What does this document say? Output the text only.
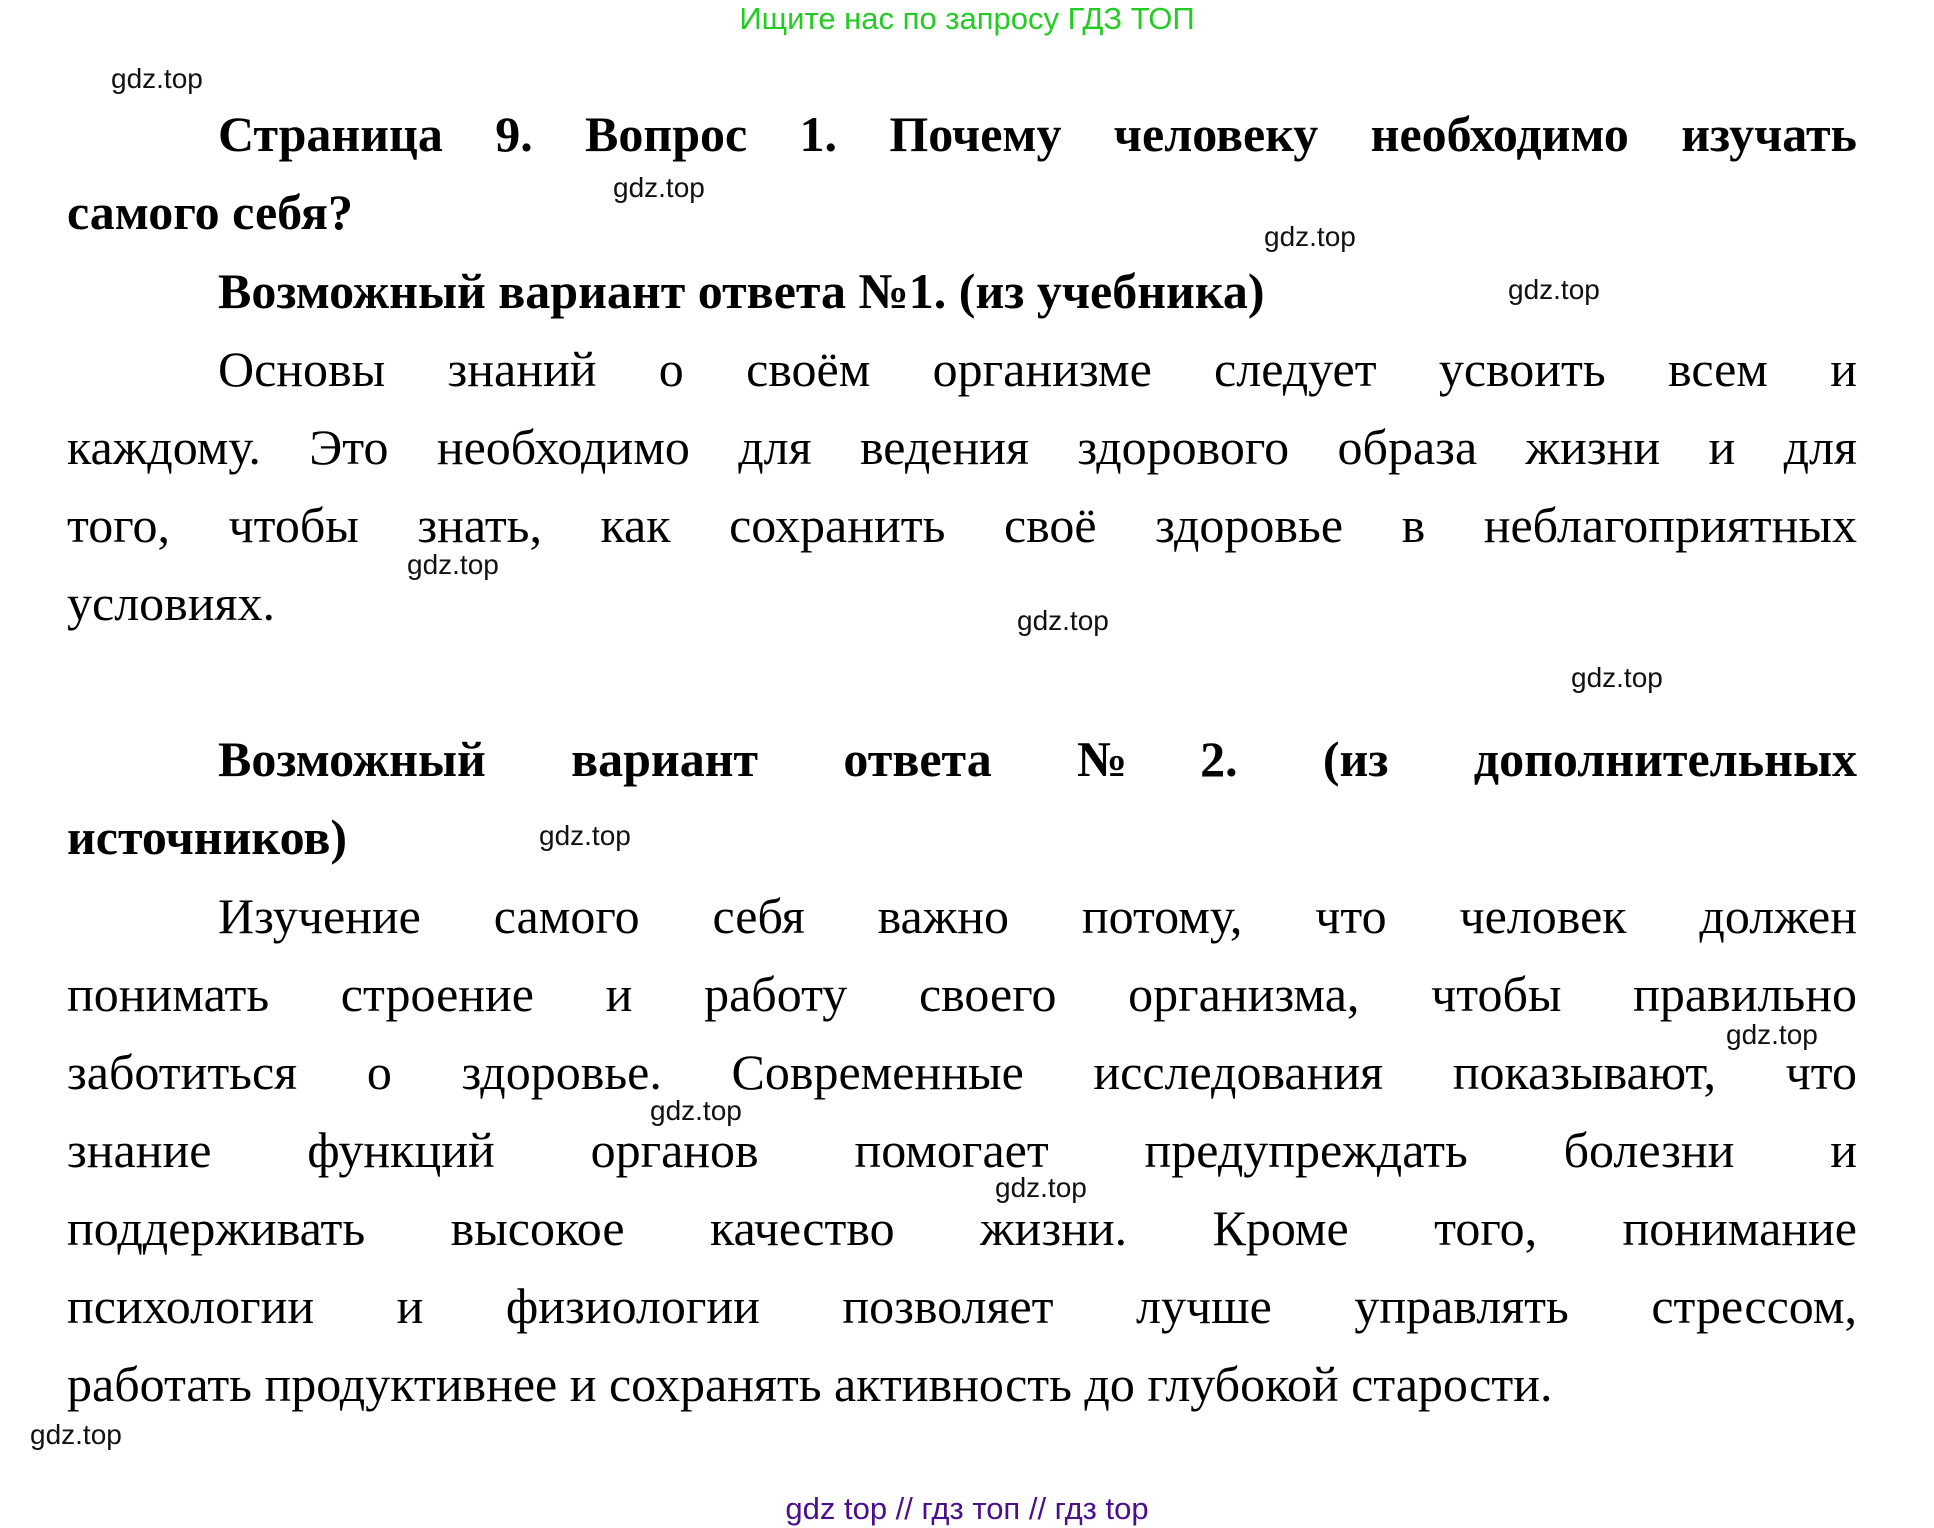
Ищите нас по запросу ГДЗ ТОП
Страница 9. Вопрос 1. Почему человеку необходимо изучать
самого себя?
Возможный вариант ответа №1. (из учебника)
Основы знаний о своём организме следует усвоить всем и
каждому. Это необходимо для ведения здорового образа жизни и для
того, чтобы знать, как сохранить своё здоровье в неблагоприятных
условиях.
Возможный вариант ответа №2. (из дополнительных
источников)
Изучение самого себя важно потому, что человек должен
понимать строение и работу своего организма, чтобы правильно
заботиться о здоровье. Современные исследования показывают, что
знание функций органов помогает предупреждать болезни и
поддерживать высокое качество жизни. Кроме того, понимание
психологии и физиологии позволяет лучше управлять стрессом,
работать продуктивнее и сохранять активность до глубокой старости.
gdz.top
gdz.top
gdz.top
gdz.top
gdz.top
gdz.top
gdz.top
gdz.top
gdz.top
gdz.top
gdz.top
gdz.top
gdz top // гдз топ // гдз top
